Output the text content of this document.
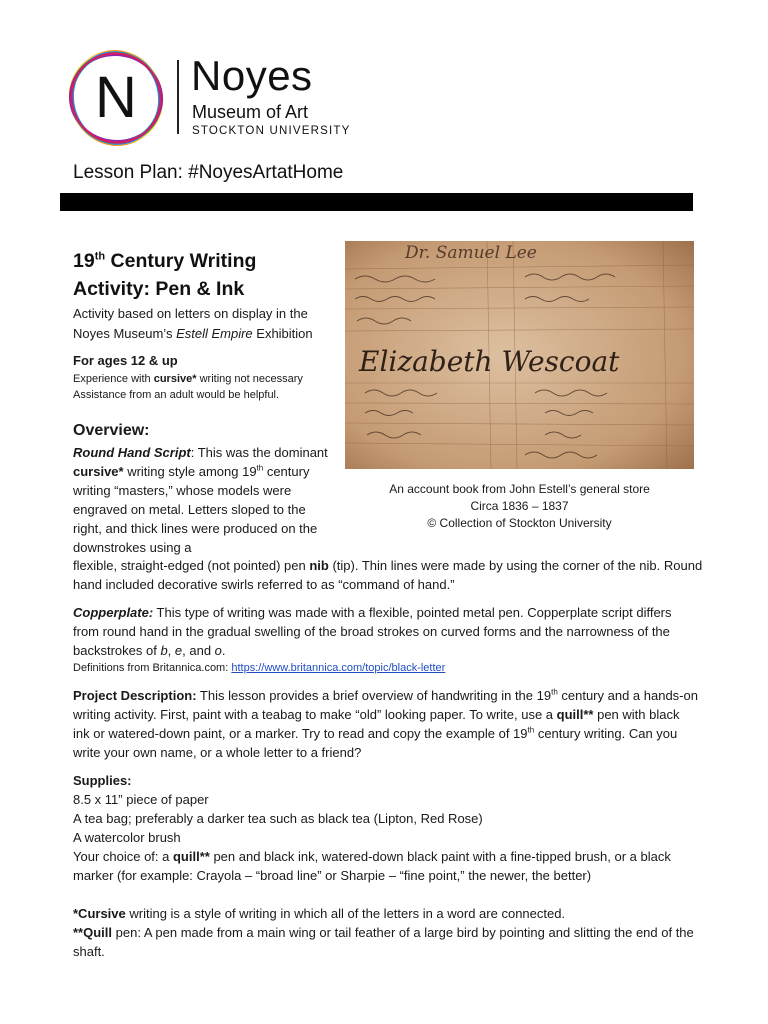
N	Noyes
Museum of Art
STOCKTON UNIVERSITY
Lesson Plan: #NoyesArtatHome
Dr. Samuel Lee
Elizabeth Wescoat
An account book from John Estell’s general store
Circa 1836 – 1837
© Collection of Stockton University
19th Century Writing
Activity: Pen & Ink
Activity based on letters on display in the Noyes Museum’s Estell Empire Exhibition
For ages 12 & up
Experience with cursive* writing not necessary
Assistance from an adult would be helpful.
Overview:
Round Hand Script: This was the dominant cursive* writing style among 19th century writing “masters,” whose models were engraved on metal. Letters sloped to the right, and thick lines were produced on the downstrokes using a
flexible, straight-edged (not pointed) pen nib (tip). Thin lines were made by using the corner of the nib. Round hand included decorative swirls referred to as “command of hand.”
Copperplate: This type of writing was made with a flexible, pointed metal pen. Copperplate script differs from round hand in the gradual swelling of the broad strokes on curved forms and the narrowness of the backstrokes of b, e, and o.
Definitions from Britannica.com: https://www.britannica.com/topic/black-letter
Project Description: This lesson provides a brief overview of handwriting in the 19th century and a hands-on writing activity. First, paint with a teabag to make “old” looking paper. To write, use a quill** pen with black ink or watered-down paint, or a marker. Try to read and copy the example of 19th century writing. Can you write your own name, or a whole letter to a friend?
Supplies:
8.5 x 11” piece of paper
A tea bag; preferably a darker tea such as black tea (Lipton, Red Rose)
A watercolor brush
Your choice of: a quill** pen and black ink, watered-down black paint with a fine-tipped brush, or a black marker (for example: Crayola – “broad line” or Sharpie – “fine point,” the newer, the better)
*Cursive writing is a style of writing in which all of the letters in a word are connected.
**Quill pen: A pen made from a main wing or tail feather of a large bird by pointing and slitting the end of the shaft.
